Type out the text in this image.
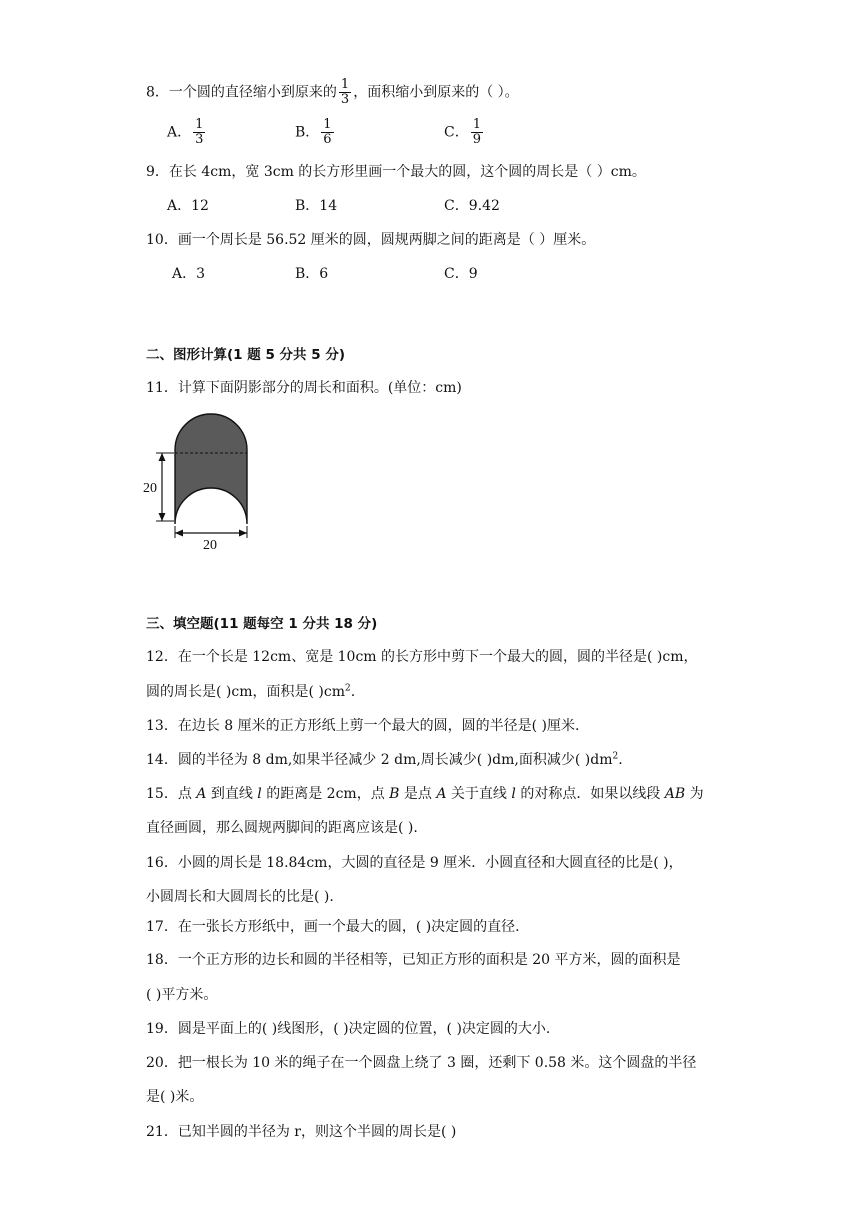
8．一个圆的直径缩小到原来的 $\frac{1}{3}$ ，面积缩小到原来的（ ）。
A． $\frac{1}{3}$	B． $\frac{1}{6}$	C． $\frac{1}{9}$
9．在长 4cm，宽 3cm 的长方形里画一个最大的圆，这个圆的周长是（ ）cm。
A．12	B．14	C．9.42
10．画一个周长是 56.52 厘米的圆，圆规两脚之间的距离是（ ）厘米。
A．3	B．6	C．9
二、图形计算(1 题 5 分共 5 分)
11．计算下面阴影部分的周长和面积。(单位：cm)
20
20
三、填空题(11 题每空 1 分共 18 分)
12．在一个长是 12cm、宽是 10cm 的长方形中剪下一个最大的圆，圆的半径是( )cm，
圆的周长是( )cm，面积是( )$cm^2$.
13．在边长 8 厘米的正方形纸上剪一个最大的圆，圆的半径是( )厘米.
14．圆的半径为 8 dm,如果半径减少 2 dm,周长减少( )dm,面积减少( )$dm^2$.
15．点 A 到直线 l 的距离是 2cm，点 B 是点 A 关于直线 l 的对称点．如果以线段 AB 为
直径画圆，那么圆规两脚间的距离应该是( ).
16．小圆的周长是 18.84cm，大圆的直径是 9 厘米．小圆直径和大圆直径的比是( )，
小圆周长和大圆周长的比是( ).
17．在一张长方形纸中，画一个最大的圆，( )决定圆的直径.
18．一个正方形的边长和圆的半径相等，已知正方形的面积是 20 平方米，圆的面积是
( )平方米。
19．圆是平面上的( )线图形，( )决定圆的位置，( )决定圆的大小.
20．把一根长为 10 米的绳子在一个圆盘上绕了 3 圈，还剩下 0.58 米。这个圆盘的半径
是( )米。
21．已知半圆的半径为 r，则这个半圆的周长是( )
